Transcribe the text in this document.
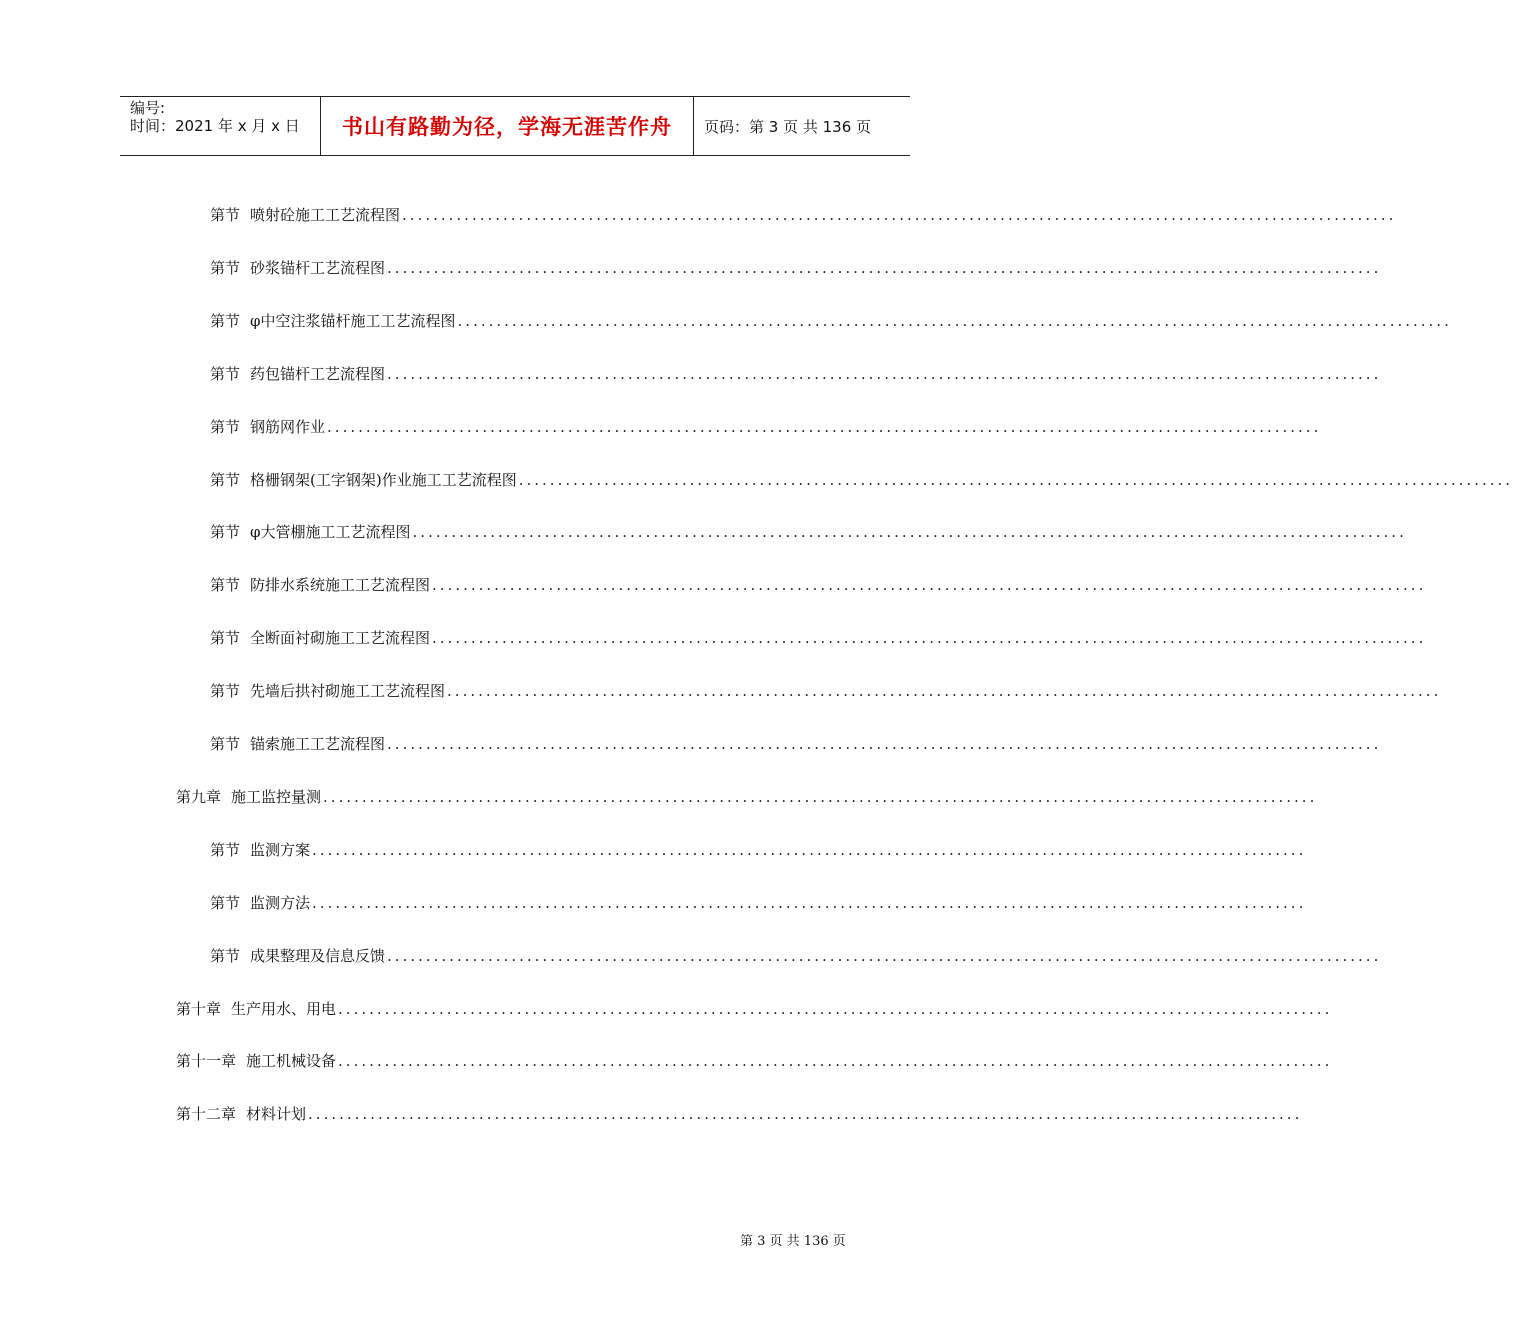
编号:
时间：2021 年 x 月 x 日	书山有路勤为径，学海无涯苦作舟	页码：第 3 页 共 136 页
第节 喷射砼施工工艺流程图 ................................................................................................................................
第节 砂浆锚杆工艺流程图 ................................................................................................................................
第节 φ中空注浆锚杆施工工艺流程图 ................................................................................................................................
第节 药包锚杆工艺流程图 ................................................................................................................................
第节 钢筋网作业 ................................................................................................................................
第节 格栅钢架(工字钢架)作业施工工艺流程图 ................................................................................................................................
第节 φ大管棚施工工艺流程图 ................................................................................................................................
第节 防排水系统施工工艺流程图 ................................................................................................................................
第节 全断面衬砌施工工艺流程图 ................................................................................................................................
第节 先墙后拱衬砌施工工艺流程图 ................................................................................................................................
第节 锚索施工工艺流程图 ................................................................................................................................
第九章 施工监控量测 ................................................................................................................................
第节 监测方案 ................................................................................................................................
第节 监测方法 ................................................................................................................................
第节 成果整理及信息反馈 ................................................................................................................................
第十章 生产用水、用电 ................................................................................................................................
第十一章 施工机械设备 ................................................................................................................................
第十二章 材料计划 ................................................................................................................................
第 3 页 共 136 页
